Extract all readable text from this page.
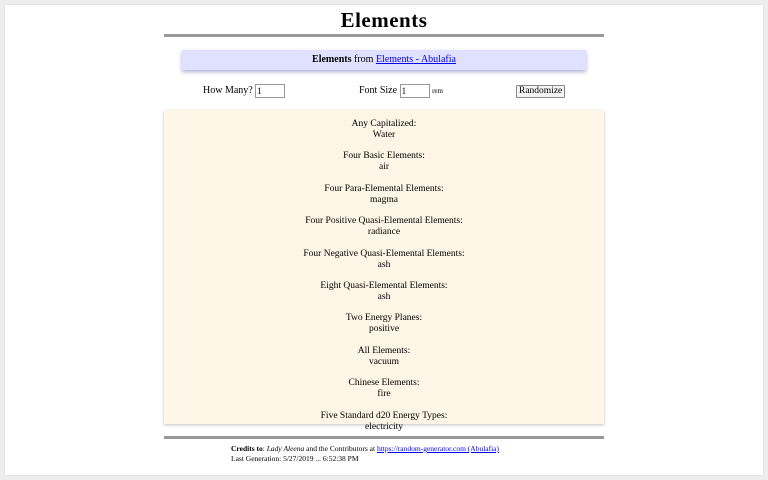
Elements
Elements from Elements - Abulafia
How Many? 1	Font Size 1	rem	Randomize
Any Capitalized:
Water
Four Basic Elements:
air
Four Para-Elemental Elements:
magma
Four Positive Quasi-Elemental Elements:
radiance
Four Negative Quasi-Elemental Elements:
ash
Eight Quasi-Elemental Elements:
ash
Two Energy Planes:
positive
All Elements:
vacuum
Chinese Elements:
fire
Five Standard d20 Energy Types:
electricity
Credits to: Lady Aleena and the Contributors at https://random-generator.com (Abulafia)
Last Generation: 5/27/2019 ... 6:52:38 PM
